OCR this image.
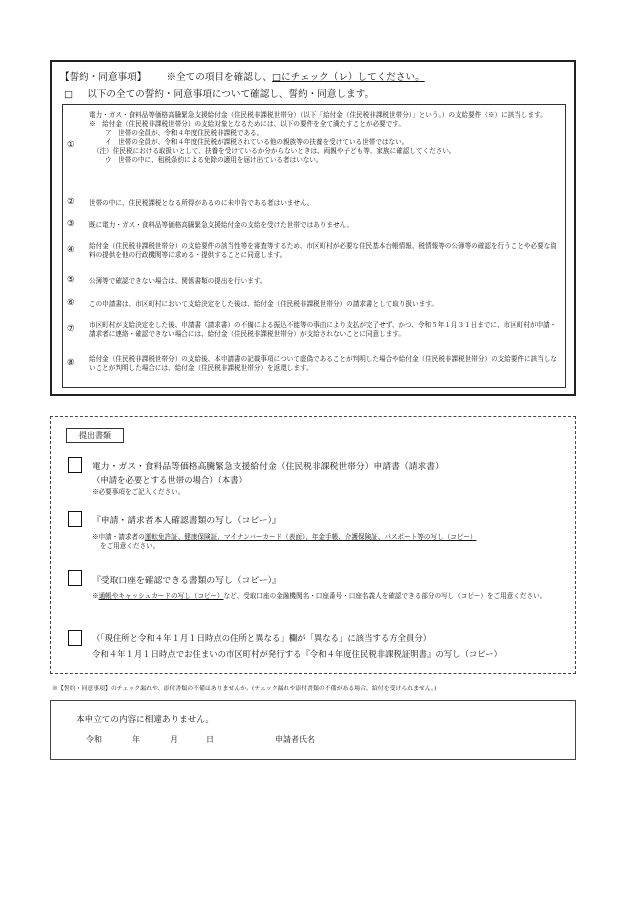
【誓約・同意事項】 ※全ての項目を確認し、□にチェック（レ）してください。
□ 以下の全ての誓約・同意事項について確認し、誓約・同意します。
①
電力・ガス・食料品等価格高騰緊急支援給付金（住民税非課税世帯分）（以下「給付金（住民税非課税世帯分）」という。）の支給要件（※）に該当します。
※　給付金（住民税非課税世帯分）の支給対象となるためには、以下の要件を全て満たすことが必要です。
ア　世帯の全員が、令和４年度住民税非課税である。
イ　世帯の全員が、令和４年度住民税が課税されている他の親族等の扶養を受けている世帯ではない。
（注）住民税における取扱いとして、扶養を受けているか分からないときは、両親や子ども等、家族に確認してください。
ウ　世帯の中に、租税条約による免除の適用を届け出ている者はいない。
② 世帯の中に、住民税課税となる所得があるのに未申告である者はいません。
③ 既に電力・ガス・食料品等価格高騰緊急支援給付金の支給を受けた世帯ではありません。
④ 給付金（住民税非課税世帯分）の支給要件の該当性等を審査等するため、市区町村が必要な住民基本台帳情報、税情報等の公簿等の確認を行うことや必要な資料の提供を他の行政機関等に求める・提供することに同意します。
⑤ 公簿等で確認できない場合は、関係書類の提出を行います。
⑥ この申請書は、市区町村において支給決定をした後は、給付金（住民税非課税世帯分）の請求書として取り扱います。
⑦ 市区町村が支給決定をした後、申請書（請求書）の不備による振込不能等の事由により支払が完了せず、かつ、令和５年１月３１日までに、市区町村が申請・請求者に連絡・確認できない場合には、給付金（住民税非課税世帯分）が支給されないことに同意します。
⑧ 給付金（住民税非課税世帯分）の支給後、本申請書の記載事項について虚偽であることが判明した場合や給付金（住民税非課税世帯分）の支給要件に該当しないことが判明した場合には、給付金（住民税非課税世帯分）を返還します。
提出書類
電力・ガス・食料品等価格高騰緊急支援給付金（住民税非課税世帯分）申請書（請求書）
（申請を必要とする世帯の場合）（本書）
※必要事項をご記入ください。
『申請・請求者本人確認書類の写し（コピー）』
※申請・請求者の運転免許証、健康保険証、マイナンバーカード（表面）、年金手帳、介護保険証、パスポート等の写し（コピー）
をご用意ください。
『受取口座を確認できる書類の写し（コピー）』
※通帳やキャッシュカードの写し（コピー）など、受取口座の金融機関名・口座番号・口座名義人を確認できる部分の写し（コピー）をご用意ください。
（「現住所と令和４年１月１日時点の住所と異なる」欄が「異なる」に該当する方全員分）
令和４年１月１日時点でお住まいの市区町村が発行する『令和４年度住民税非課税証明書』の写し（コピー）
※【誓約・同意事項】のチェック漏れや、添付書類の不備はありませんか。(チェック漏れや添付書類の不備がある場合、給付を受けられません。)
本申立ての内容に相違ありません。
令和	年	月	日	申請者氏名
